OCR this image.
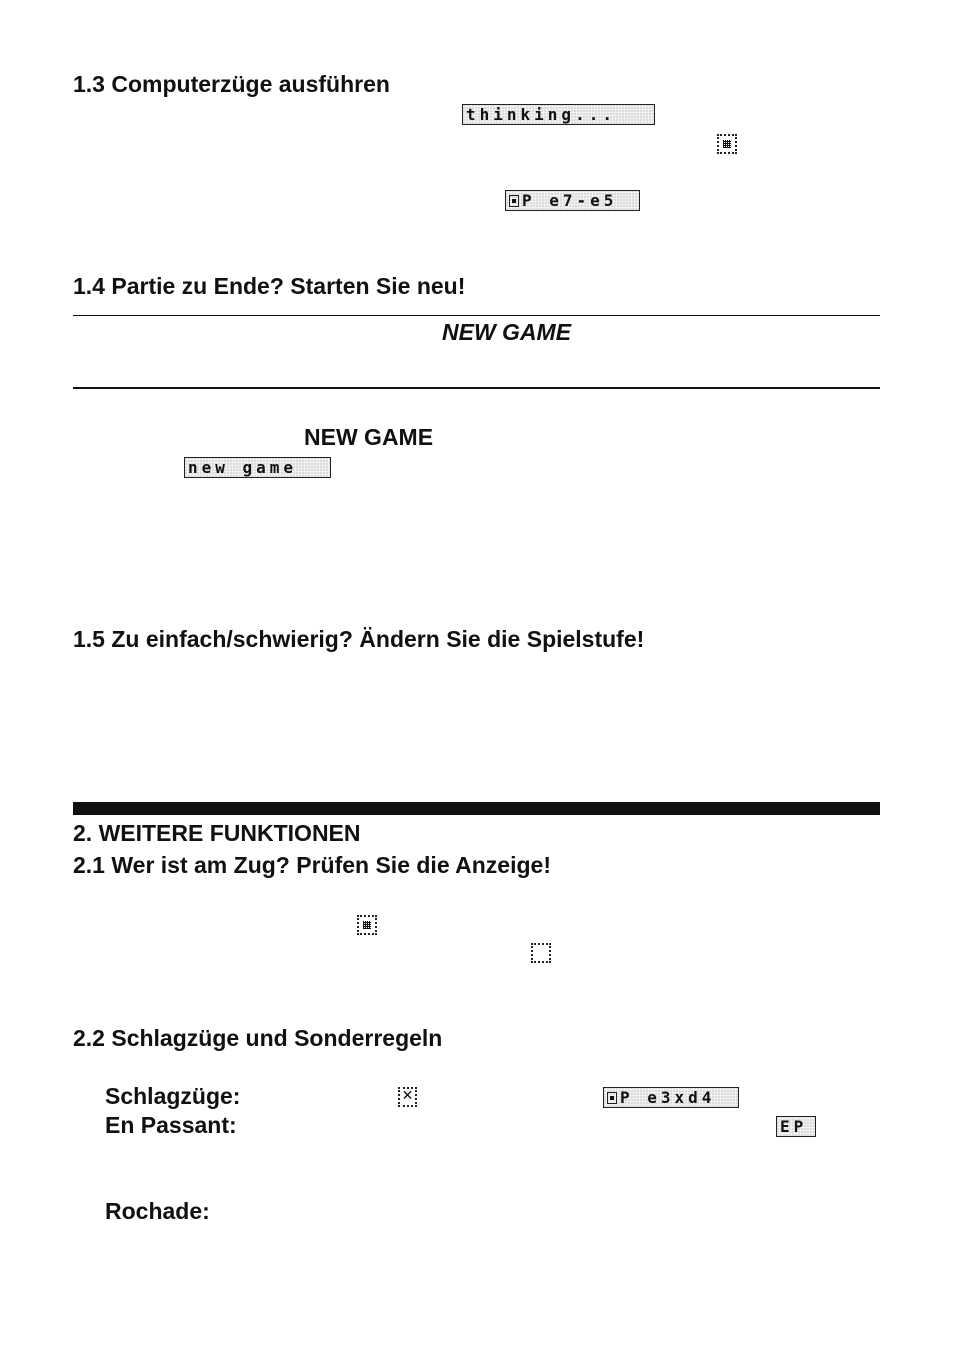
1.3 Computerzüge ausführen
thinking...
P e7-e5
1.4 Partie zu Ende? Starten Sie neu!
NEW GAME
NEW GAME
new game
1.5 Zu einfach/schwierig? Ändern Sie die Spielstufe!
2. WEITERE FUNKTIONEN
2.1 Wer ist am Zug? Prüfen Sie die Anzeige!
2.2 Schlagzüge und Sonderregeln
Schlagzüge:
✕	P e3xd4
En Passant:	EP
Rochade:
